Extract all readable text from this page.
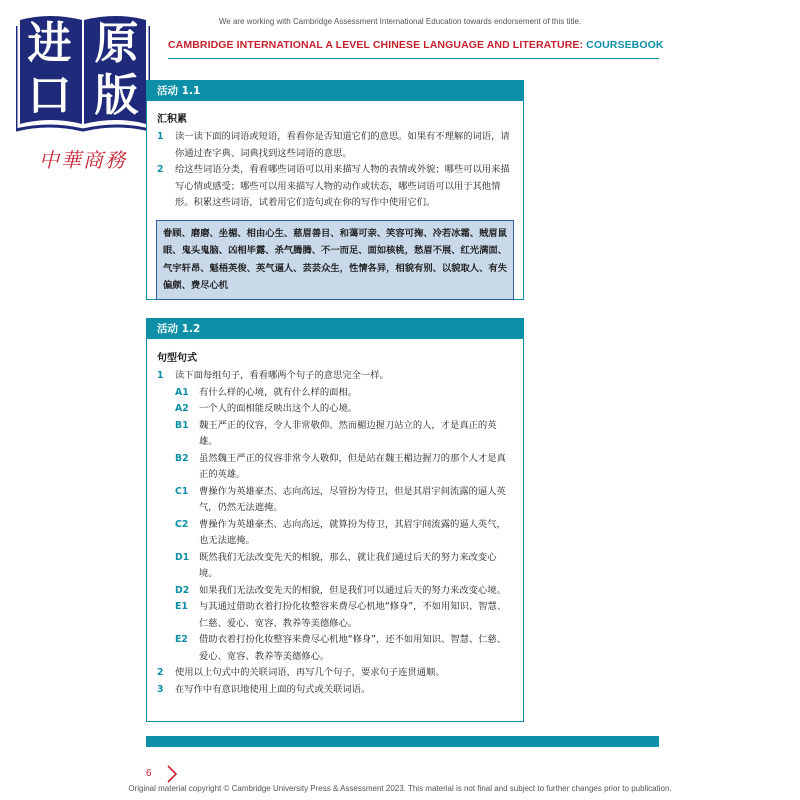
We are working with Cambridge Assessment International Education towards endorsement of this title.
CAMBRIDGE INTERNATIONAL A LEVEL CHINESE LANGUAGE AND LITERATURE: COURSEBOOK
进 原
口 版
中華商務
活动 1.1
汇积累
1	读一读下面的词语或短语，看看你是否知道它们的意思。如果有不理解的词语，请你通过查字典、词典找到这些词语的意思。
2	给这些词语分类，看看哪些词语可以用来描写人物的表情或外貌；哪些可以用来描写心情或感受；哪些可以用来描写人物的动作或状态，哪些词语可以用于其他情形。积累这些词语，试着用它们造句或在你的写作中使用它们。
眷顾、磨磨、坐楣、相由心生、慈眉善目、和蔼可亲、笑容可掬、冷若冰霜、贼眉鼠眼、鬼头鬼脑、凶相毕露、杀气腾腾、不一而足、面如核桃，愁眉不展、红光满面、气宇轩昂、魁梧英俊、英气逼人、芸芸众生，性情各异，相貌有别、以貌取人、有失偏颇、费尽心机
活动 1.2
句型句式
1	读下面每组句子，看看哪两个句子的意思完全一样。
A1	有什么样的心境，就有什么样的面相。
A2	一个人的面相能反映出这个人的心境。
B1	魏王严正的仪容，令人非常敬仰。然而楣边握刀站立的人，才是真正的英雄。
B2	虽然魏王严正的仪容非常令人敬仰，但是站在魏王楣边握刀的那个人才是真正的英雄。
C1	曹操作为英雄豪杰、志向高远，尽管扮为侍卫，但是其眉宇间流露的逼人英气，仍然无法遮掩。
C2	曹操作为英雄豪杰、志向高远，就算扮为侍卫，其眉宇间流露的逼人英气，也无法遮掩。
D1	既然我们无法改变先天的相貌，那么，就让我们通过后天的努力来改变心境。
D2	如果我们无法改变先天的相貌，但是我们可以通过后天的努力来改变心境。
E1	与其通过借助衣着打扮化妆整容来费尽心机地“修身”，不如用知识、智慧、仁慈、爱心、宽容、教养等美德修心。
E2	借助衣着打扮化妆整容来费尽心机地“修身”，还不如用知识、智慧、仁慈、爱心、宽容、教养等美德修心。
2	使用以上句式中的关联词语，再写几个句子，要求句子连贯通顺。
3	在写作中有意识地使用上面的句式或关联词语。
6
Original material copyright © Cambridge University Press & Assessment 2023. This material is not final and subject to further changes prior to publication.
